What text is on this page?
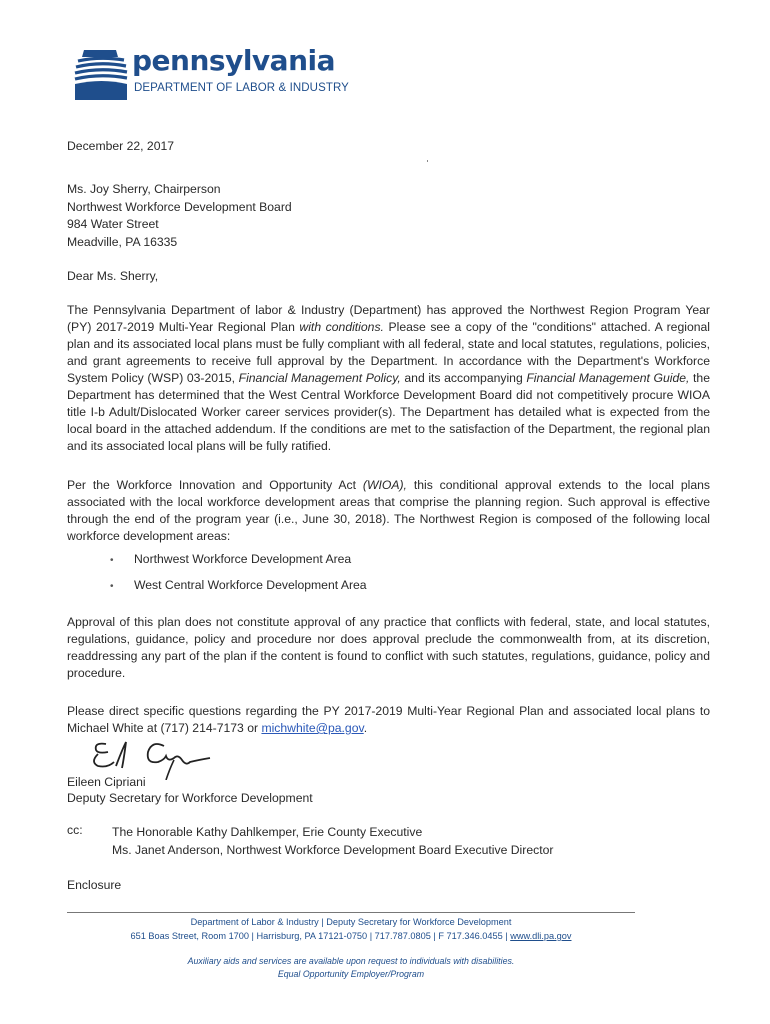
pennsylvania
DEPARTMENT OF LABOR & INDUSTRY
December 22, 2017
Ms. Joy Sherry, Chairperson
Northwest Workforce Development Board
984 Water Street
Meadville, PA 16335
Dear Ms. Sherry,

The Pennsylvania Department of labor & Industry (Department) has approved the Northwest Region Program Year (PY) 2017-2019 Multi-Year Regional Plan with conditions. Please see a copy of the "conditions" attached. A regional plan and its associated local plans must be fully compliant with all federal, state and local statutes, regulations, policies, and grant agreements to receive full approval by the Department. In accordance with the Department's Workforce System Policy (WSP) 03-2015, Financial Management Policy, and its accompanying Financial Management Guide, the Department has determined that the West Central Workforce Development Board did not competitively procure WIOA title I-b Adult/Dislocated Worker career services provider(s). The Department has detailed what is expected from the local board in the attached addendum. If the conditions are met to the satisfaction of the Department, the regional plan and its associated local plans will be fully ratified.

Per the Workforce Innovation and Opportunity Act (WIOA), this conditional approval extends to the local plans associated with the local workforce development areas that comprise the planning region. Such approval is effective through the end of the program year (i.e., June 30, 2018). The Northwest Region is composed of the following local workforce development areas:

• Northwest Workforce Development Area
• West Central Workforce Development Area

Approval of this plan does not constitute approval of any practice that conflicts with federal, state, and local statutes, regulations, guidance, policy and procedure nor does approval preclude the commonwealth from, at its discretion, readdressing any part of the plan if the content is found to conflict with such statutes, regulations, guidance, policy and procedure.

Please direct specific questions regarding the PY 2017-2019 Multi-Year Regional Plan and associated local plans to Michael White at (717) 214-7173 or michwhite@pa.gov.

Eileen Cipriani
Deputy Secretary for Workforce Development
cc: The Honorable Kathy Dahlkemper, Erie County Executive
Ms. Janet Anderson, Northwest Workforce Development Board Executive Director
Enclosure
Department of Labor & Industry | Deputy Secretary for Workforce Development
651 Boas Street, Room 1700 | Harrisburg, PA 17121-0750 | 717.787.0805 | F 717.346.0455 | www.dli.pa.gov
Auxiliary aids and services are available upon request to individuals with disabilities.
Equal Opportunity Employer/Program
